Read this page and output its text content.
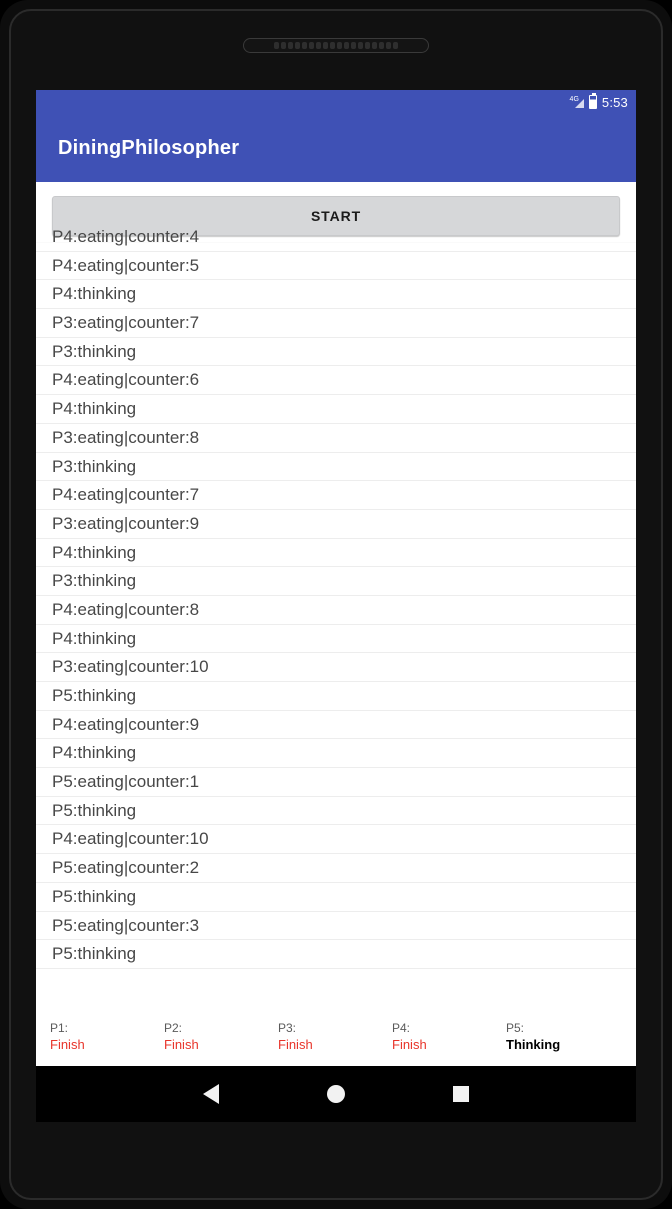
4G 5:53
DiningPhilosopher
START
P4:eating|counter:4
P4:eating|counter:5
P4:thinking
P3:eating|counter:7
P3:thinking
P4:eating|counter:6
P4:thinking
P3:eating|counter:8
P3:thinking
P4:eating|counter:7
P3:eating|counter:9
P4:thinking
P3:thinking
P4:eating|counter:8
P4:thinking
P3:eating|counter:10
P5:thinking
P4:eating|counter:9
P4:thinking
P5:eating|counter:1
P5:thinking
P4:eating|counter:10
P5:eating|counter:2
P5:thinking
P5:eating|counter:3
P5:thinking
P1:
Finish
P2:
Finish
P3:
Finish
P4:
Finish
P5:
Thinking
